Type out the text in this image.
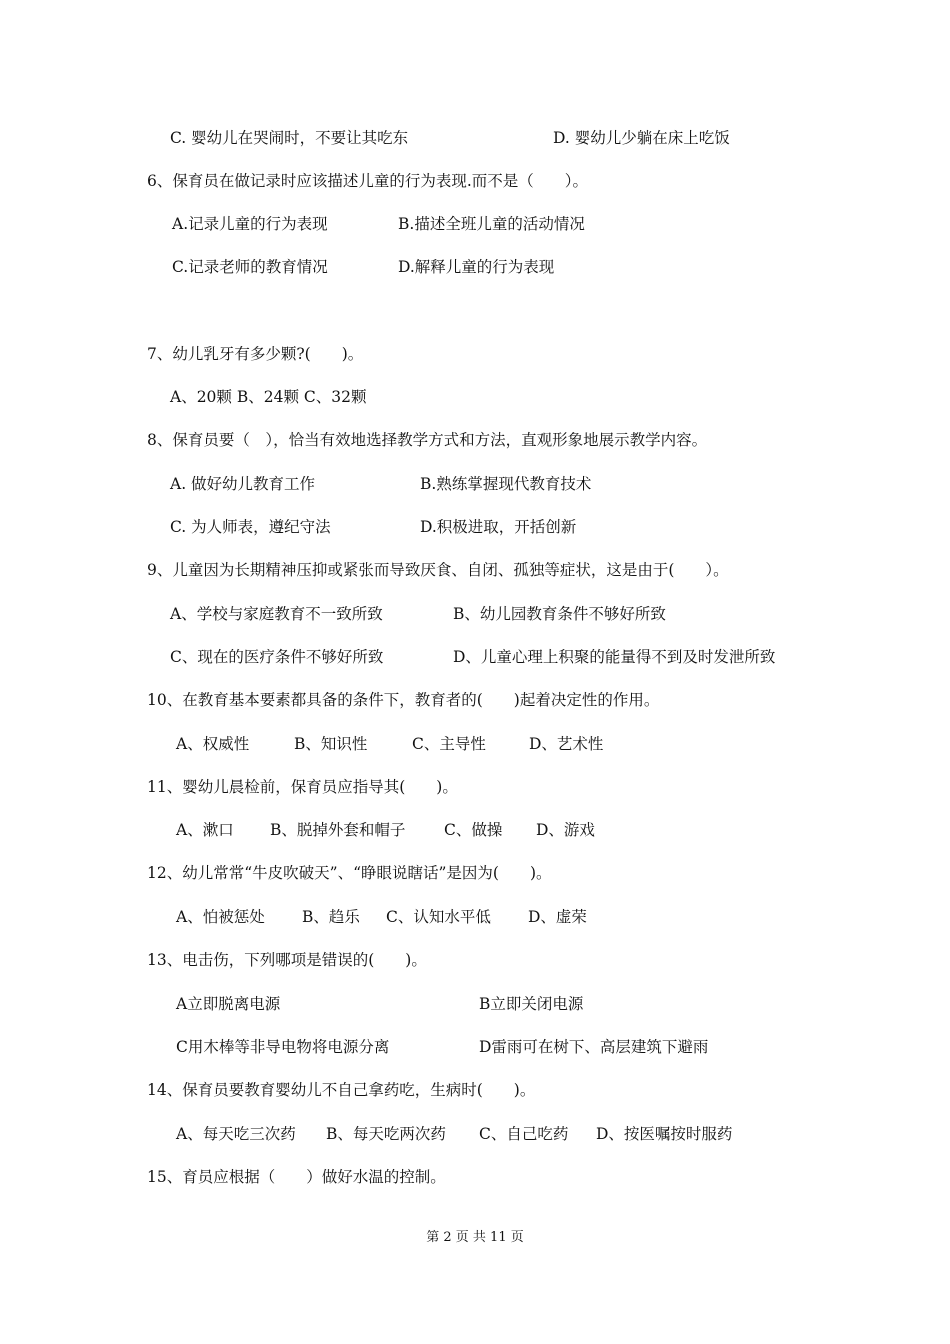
C. 婴幼儿在哭闹时，不要让其吃东	D. 婴幼儿少躺在床上吃饭
6、保育员在做记录时应该描述儿童的行为表现.而不是（　　）。
A.记录儿童的行为表现	B.描述全班儿童的活动情况
C.记录老师的教育情况	D.解释儿童的行为表现
7、幼儿乳牙有多少颗?(　　)。
A、20颗 B、24颗 C、32颗
8、保育员要（　），恰当有效地选择教学方式和方法，直观形象地展示教学内容。
A. 做好幼儿教育工作	B.熟练掌握现代教育技术
C. 为人师表，遵纪守法	D.积极进取，开括创新
9、儿童因为长期精神压抑或紧张而导致厌食、自闭、孤独等症状，这是由于(　　）。
A、学校与家庭教育不一致所致	B、幼儿园教育条件不够好所致
C、现在的医疗条件不够好所致	D、儿童心理上积聚的能量得不到及时发泄所致
10、在教育基本要素都具备的条件下，教育者的(　　)起着决定性的作用。
A、权威性	B、知识性	C、主导性	D、艺术性
11、婴幼儿晨检前，保育员应指导其(　　)。
A、漱口 B、脱掉外套和帽子 C、做操 D、游戏
12、幼儿常常“牛皮吹破天”、“睁眼说瞎话”是因为(　　)。
A、怕被惩处 B、趋乐 C、认知水平低 D、虚荣
13、电击伤，下列哪项是错误的(　　)。
A立即脱离电源	B立即关闭电源
C用木棒等非导电物将电源分离	D雷雨可在树下、高层建筑下避雨
14、保育员要教育婴幼儿不自己拿药吃，生病时(　　)。
A、每天吃三次药 B、每天吃两次药 C、自己吃药 D、按医嘱按时服药
15、育员应根据（　　）做好水温的控制。
第 2 页 共 11 页
